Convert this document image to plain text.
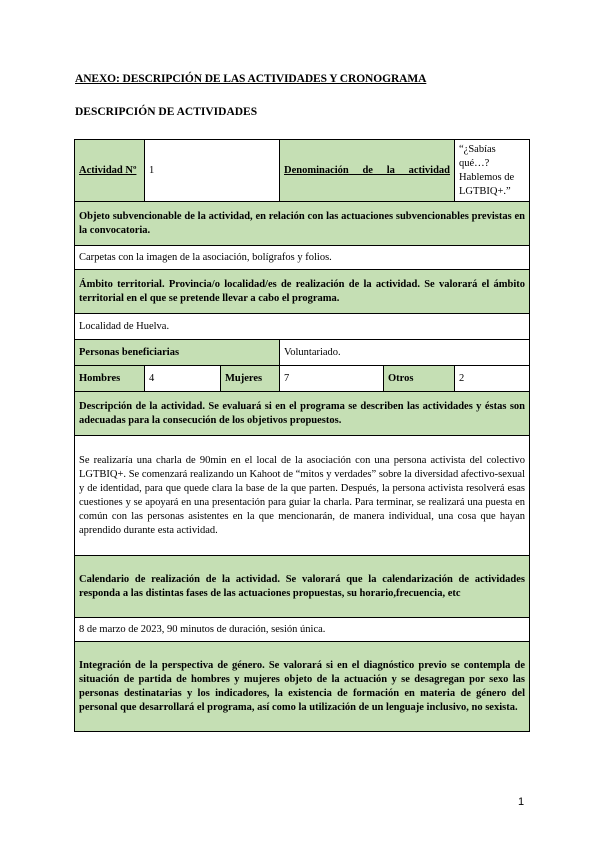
ANEXO: DESCRIPCIÓN DE LAS ACTIVIDADES Y CRONOGRAMA
DESCRIPCIÓN DE ACTIVIDADES
Actividad Nº	1		Denominación de la actividad		“¿Sabías qué…?
Hablemos de LGTBIQ+.”
Objeto subvencionable de la actividad, en relación con las actuaciones subvencionables previstas en la convocatoria.					
Carpetas con la imagen de la asociación, bolígrafos y folios.					
Ámbito territorial. Provincia/o localidad/es de realización de la actividad. Se valorará el ámbito territorial en el que se pretende llevar a cabo el programa.					
Localidad de Huelva.					
Personas beneficiarias			Voluntariado.		
Hombres	4	Mujeres	7	Otros	2
Descripción de la actividad. Se evaluará si en el programa se describen las actividades y éstas son adecuadas para la consecución de los objetivos propuestos.					
Se realizaría una charla de 90min en el local de la asociación con una persona activista del colectivo LGTBIQ+. Se comenzará realizando un Kahoot de “mitos y verdades” sobre la diversidad afectivo-sexual y de identidad, para que quede clara la base de la que parten. Después, la persona activista resolverá esas cuestiones y se apoyará en una presentación para guiar la charla. Para terminar, se realizará una puesta en común con las personas asistentes en la que mencionarán, de manera individual, una cosa que hayan aprendido durante esta actividad.					
Calendario de realización de la actividad. Se valorará que la calendarización de actividades responda a las distintas fases de las actuaciones propuestas, su horario,frecuencia, etc					
8 de marzo de 2023, 90 minutos de duración, sesión única.					
Integración de la perspectiva de género. Se valorará si en el diagnóstico previo se contempla de situación de partida de hombres y mujeres objeto de la actuación y se desagregan por sexo las personas destinatarias y los indicadores, la existencia de formación en materia de género del personal que desarrollará el programa, así como la utilización de un lenguaje inclusivo, no sexista.					
1
